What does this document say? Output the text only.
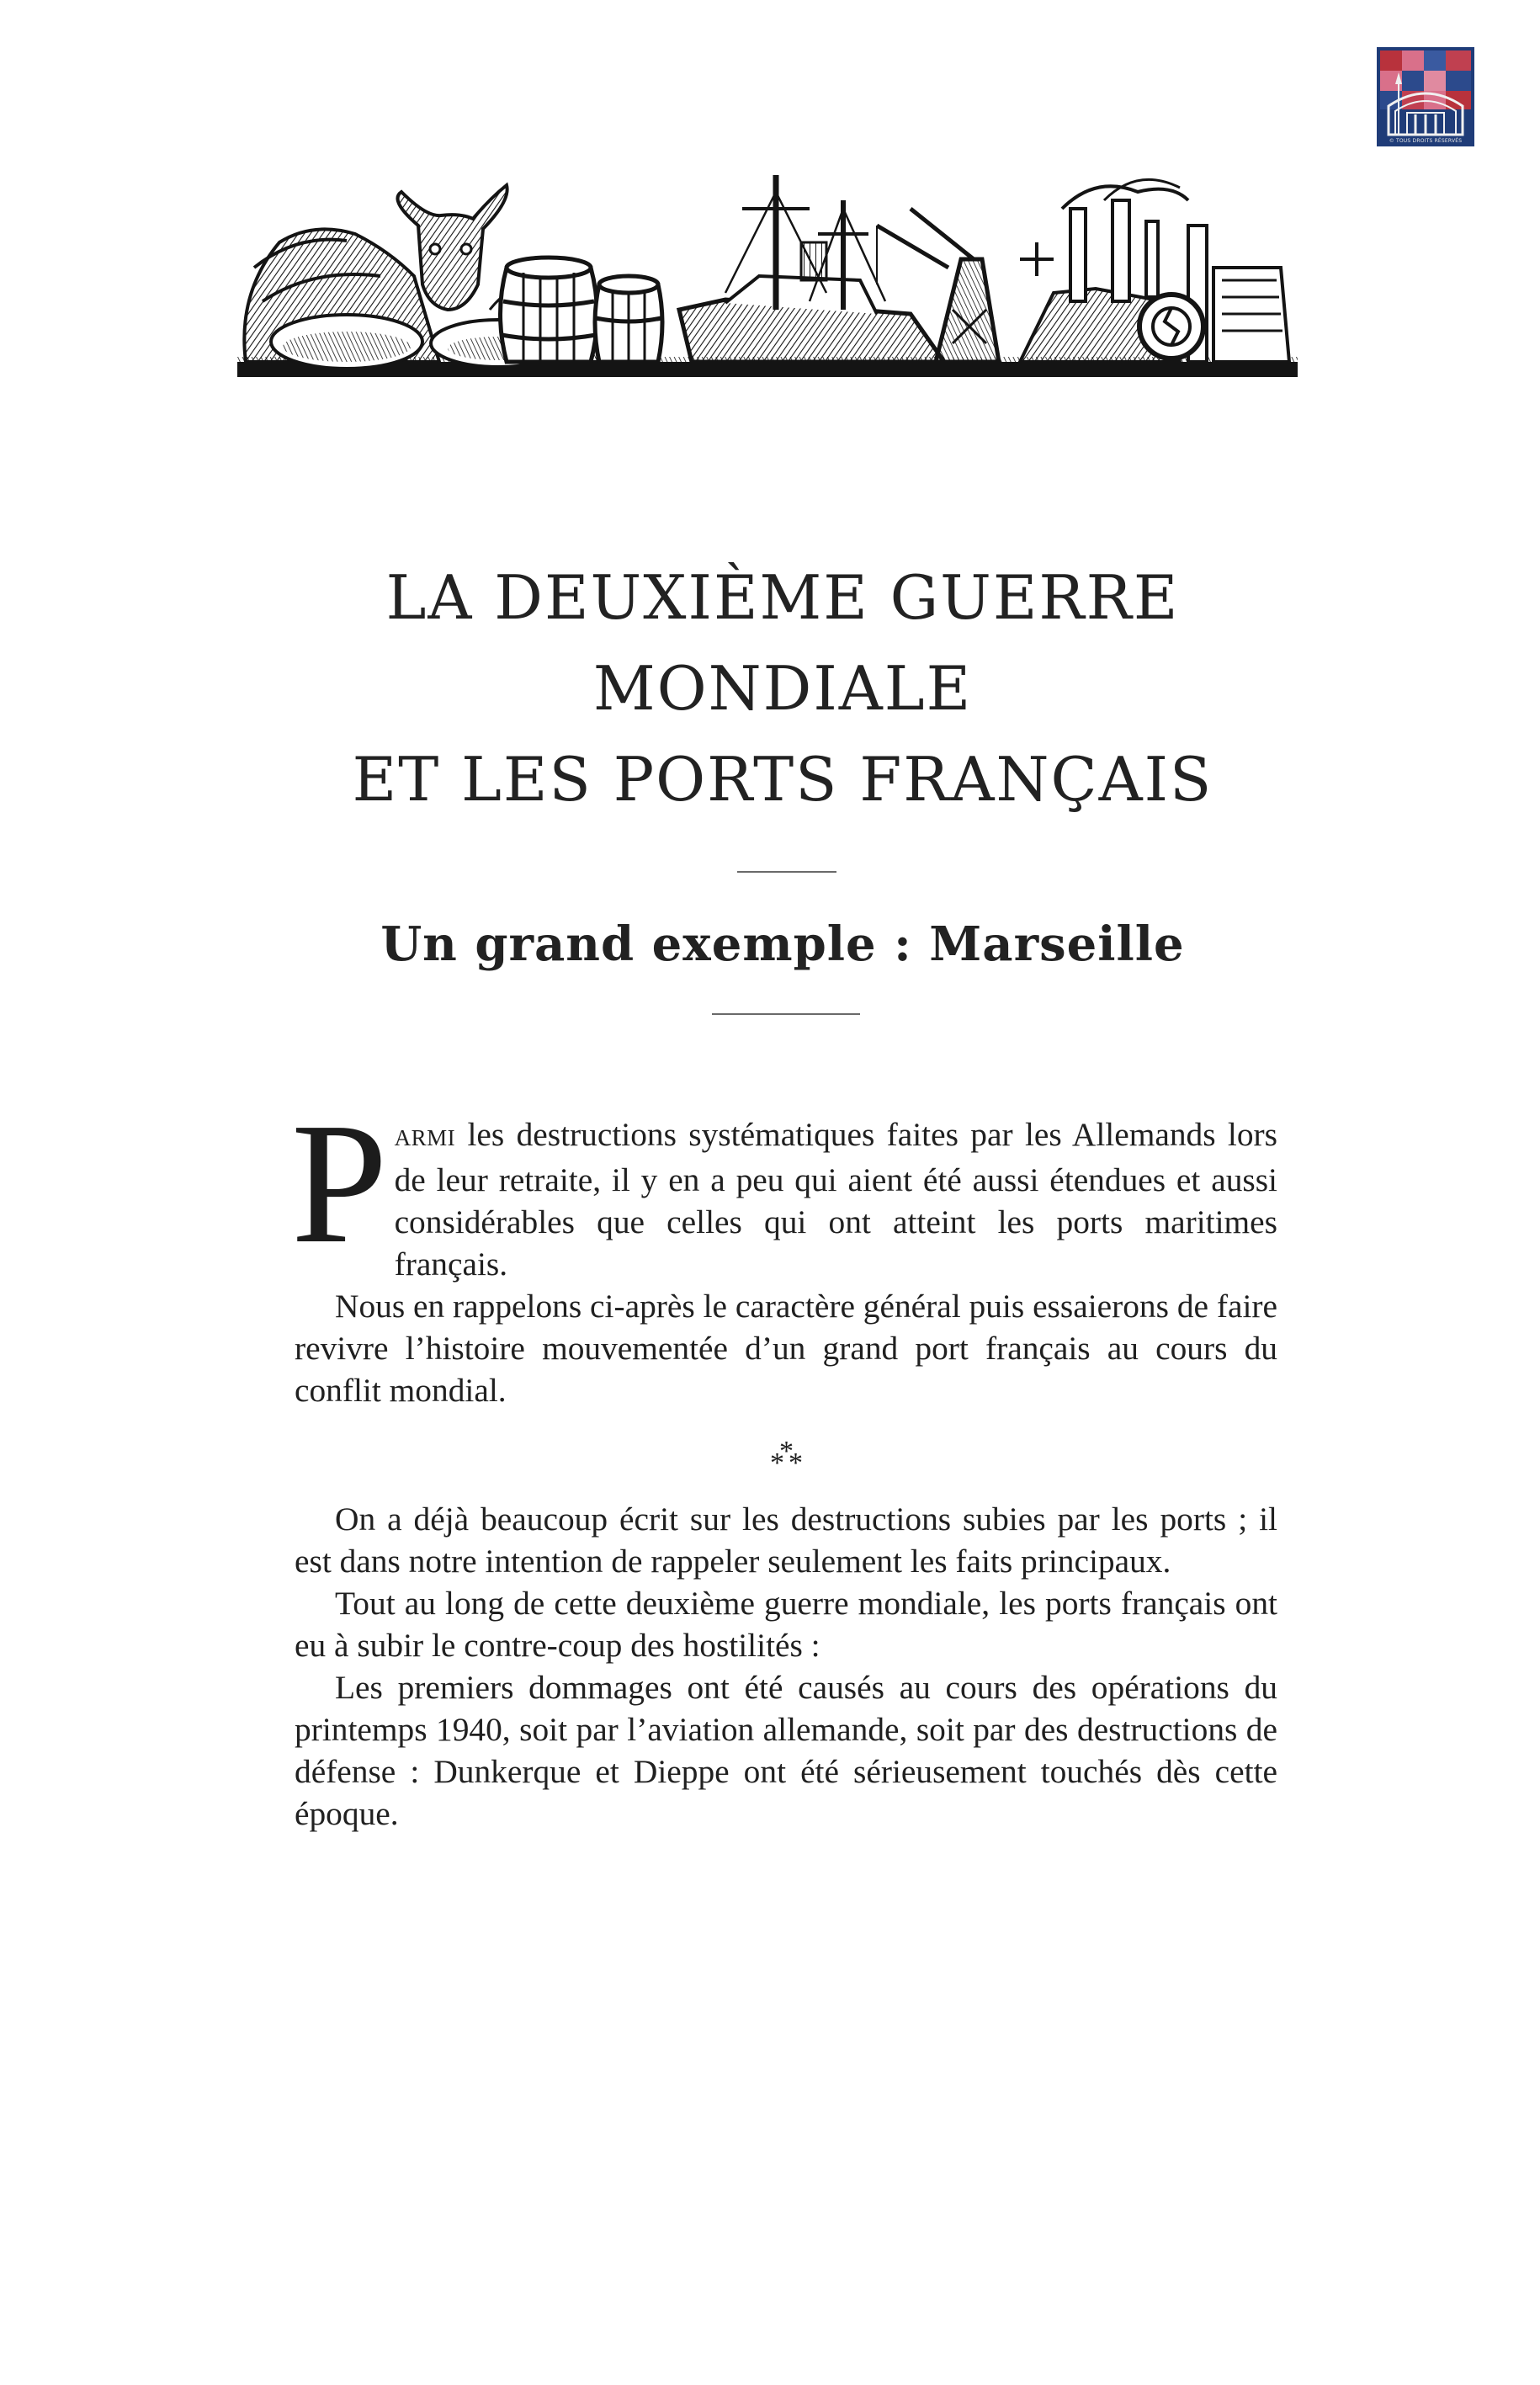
© TOUS DROITS RÉSERVÉS
LA DEUXIÈME GUERRE
MONDIALE
ET LES PORTS FRANÇAIS
Un grand exemple : Marseille

PARMI les destructions systématiques faites par les Allemands lors de leur retraite, il y en a peu qui aient été aussi étendues et aussi considérables que celles qui ont atteint les ports maritimes français.

Nous en rappelons ci-après le caractère général puis essaierons de faire revivre l’histoire mouvementée d’un grand port français au cours du conflit mondial.

*
* *

On a déjà beaucoup écrit sur les destructions subies par les ports ; il est dans notre intention de rappeler seulement les faits principaux.

Tout au long de cette deuxième guerre mondiale, les ports français ont eu à subir le contre-coup des hostilités :

Les premiers dommages ont été causés au cours des opérations du printemps 1940, soit par l’aviation allemande, soit par des destructions de défense : Dunkerque et Dieppe ont été sérieusement touchés dès cette époque.
